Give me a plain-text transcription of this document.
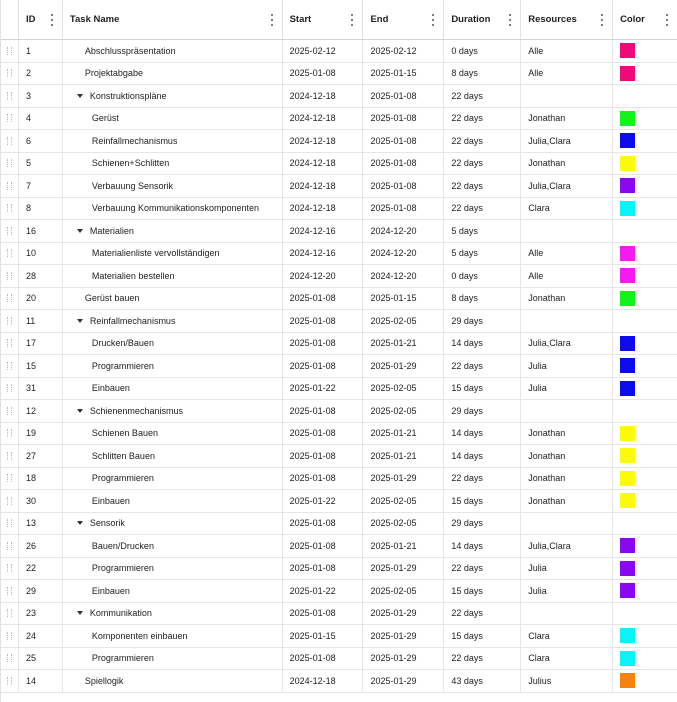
ID	Task Name	Start	End	Duration	Resources	Color
1	Abschlusspräsentation	2025-02-12	2025-02-12	0 days	Alle
2	Projektabgabe	2025-01-08	2025-01-15	8 days	Alle
3	Konstruktionspläne	2024-12-18	2025-01-08	22 days
4	Gerüst	2024-12-18	2025-01-08	22 days	Jonathan
6	Reinfallmechanismus	2024-12-18	2025-01-08	22 days	Julia,Clara
5	Schienen+Schlitten	2024-12-18	2025-01-08	22 days	Jonathan
7	Verbauung Sensorik	2024-12-18	2025-01-08	22 days	Julia,Clara
8	Verbauung Kommunikationskomponenten	2024-12-18	2025-01-08	22 days	Clara
16	Materialien	2024-12-16	2024-12-20	5 days
10	Materialienliste vervollständigen	2024-12-16	2024-12-20	5 days	Alle
28	Materialien bestellen	2024-12-20	2024-12-20	0 days	Alle
20	Gerüst bauen	2025-01-08	2025-01-15	8 days	Jonathan
11	Reinfallmechanismus	2025-01-08	2025-02-05	29 days
17	Drucken/Bauen	2025-01-08	2025-01-21	14 days	Julia,Clara
15	Programmieren	2025-01-08	2025-01-29	22 days	Julia
31	Einbauen	2025-01-22	2025-02-05	15 days	Julia
12	Schienenmechanismus	2025-01-08	2025-02-05	29 days
19	Schienen Bauen	2025-01-08	2025-01-21	14 days	Jonathan
27	Schlitten Bauen	2025-01-08	2025-01-21	14 days	Jonathan
18	Programmieren	2025-01-08	2025-01-29	22 days	Jonathan
30	Einbauen	2025-01-22	2025-02-05	15 days	Jonathan
13	Sensorik	2025-01-08	2025-02-05	29 days
26	Bauen/Drucken	2025-01-08	2025-01-21	14 days	Julia,Clara
22	Programmieren	2025-01-08	2025-01-29	22 days	Julia
29	Einbauen	2025-01-22	2025-02-05	15 days	Julia
23	Kommunikation	2025-01-08	2025-01-29	22 days
24	Komponenten einbauen	2025-01-15	2025-01-29	15 days	Clara
25	Programmieren	2025-01-08	2025-01-29	22 days	Clara
14	Spiellogik	2024-12-18	2025-01-29	43 days	Julius
